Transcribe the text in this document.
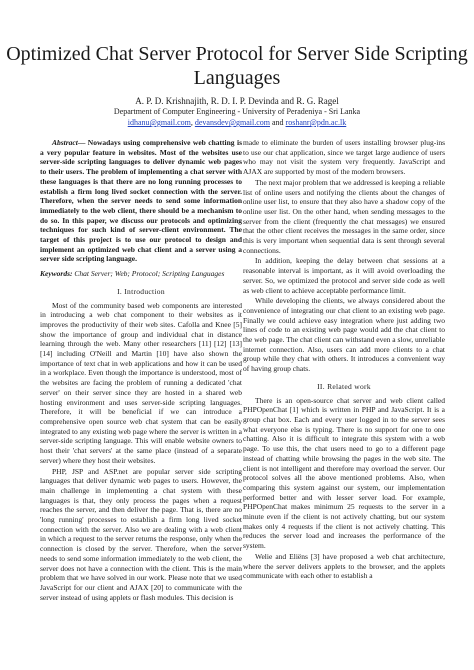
Optimized Chat Server Protocol for Server Side Scripting Languages
A. P. D. Krishnajith, R. D. I. P. Devinda and R. G. Ragel
Department of Computer Engineering - University of Peradeniya - Sri Lanka
idhanu@gmail.com, devansdev@gmail.com and roshanr@pdn.ac.lk

Abstract— Nowadays using comprehensive web chatting is a very popular feature in websites. Most of the websites use server-side scripting languages to deliver dynamic web pages to their users. The problem of implementing a chat server with these languages is that there are no long running processes to establish a firm long lived socket connection with the server. Therefore, when the server needs to send some information immediately to the web client, there should be a mechanism to do so. In this paper, we discuss our protocols and optimizing techniques for such kind of server-client environment. The target of this project is to use our protocol to design and implement an optimized web chat client and a server using a server side scripting language.

Keywords: Chat Server; Web; Protocol; Scripting Languages

I. Introduction

Most of the community based web components are interested in introducing a web chat component to their websites as it improves the productivity of their web sites. Cafolla and Knee [5] show the importance of group and individual chat in distance learning through the web. Many other researchers [11] [12] [13] [14] including O'Neill and Martin [10] have also shown the importance of text chat in web applications and how it can be used in a workplace. Even though the importance is understood, most of the websites are facing the problem of running a dedicated 'chat server' on their server since they are hosted in a shared web hosting environment and uses server-side scripting languages. Therefore, it will be beneficial if we can introduce a comprehensive open source web chat system that can be easily integrated to any existing web page where the server is written in a server-side scripting language. This will enable website owners to host their 'chat servers' at the same place (instead of a separate server) where they host their websites.

PHP, JSP and ASP.net are popular server side scripting languages that deliver dynamic web pages to users. However, the main challenge in implementing a chat system with these languages is that, they only process the pages when a request reaches the server, and then deliver the page. That is, there are no 'long running' processes to establish a firm long lived socket connection with the server. Also we are dealing with a web client in which a request to the server returns the response, only when the connection is closed by the server. Therefore, when the server needs to send some information immediately to the web client, the server does not have a connection with the client. This is the main problem that we have solved in our work. Please note that we used JavaScript for our client and AJAX [20] to communicate with the server instead of using applets or flash modules. This decision is

made to eliminate the burden of users installing browser plug-ins to use our chat application, since we target large audience of users who may not visit the system very frequently. JavaScript and AJAX are supported by most of the modern browsers.

The next major problem that we addressed is keeping a reliable list of online users and notifying the clients about the changes of online user list, to ensure that they also have a shadow copy of the online user list. On the other hand, when sending messages to the server from the client (frequently the chat messages) we ensured that the other client receives the messages in the same order, since this is very important when sequential data is sent through several connections.

In addition, keeping the delay between chat sessions at a reasonable interval is important, as it will avoid overloading the server. So, we optimized the protocol and server side code as well as web client to achieve acceptable performance limit.

While developing the clients, we always considered about the convenience of integrating our chat client to an existing web page. Finally we could achieve easy integration where just adding two lines of code to an existing web page would add the chat client to the web page. The chat client can withstand even a slow, unreliable internet connection. Also, users can add more clients to a chat group while they chat with others. It introduces a convenient way of having group chats.

II. Related work

There is an open-source chat server and web client called PHPOpenChat [1] which is written in PHP and JavaScript. It is a group chat box. Each and every user logged in to the server sees what everyone else is typing. There is no support for one to one chatting. Also it is difficult to integrate this system with a web page. To use this, the chat users need to go to a different page instead of chatting while browsing the pages in the web site. The client is not intelligent and therefore may overload the server. Our protocol solves all the above mentioned problems. Also, when comparing this system against our system, our implementation performed better and with lesser server load. For example, PHPOpenChat makes minimum 25 requests to the server in a minute even if the client is not actively chatting, but our system makes only 4 requests if the client is not actively chatting. This reduces the server load and increases the performance of the system.

Welie and Eliëns [3] have proposed a web chat architecture, where the server delivers applets to the browser, and the applets communicate with each other to establish a
